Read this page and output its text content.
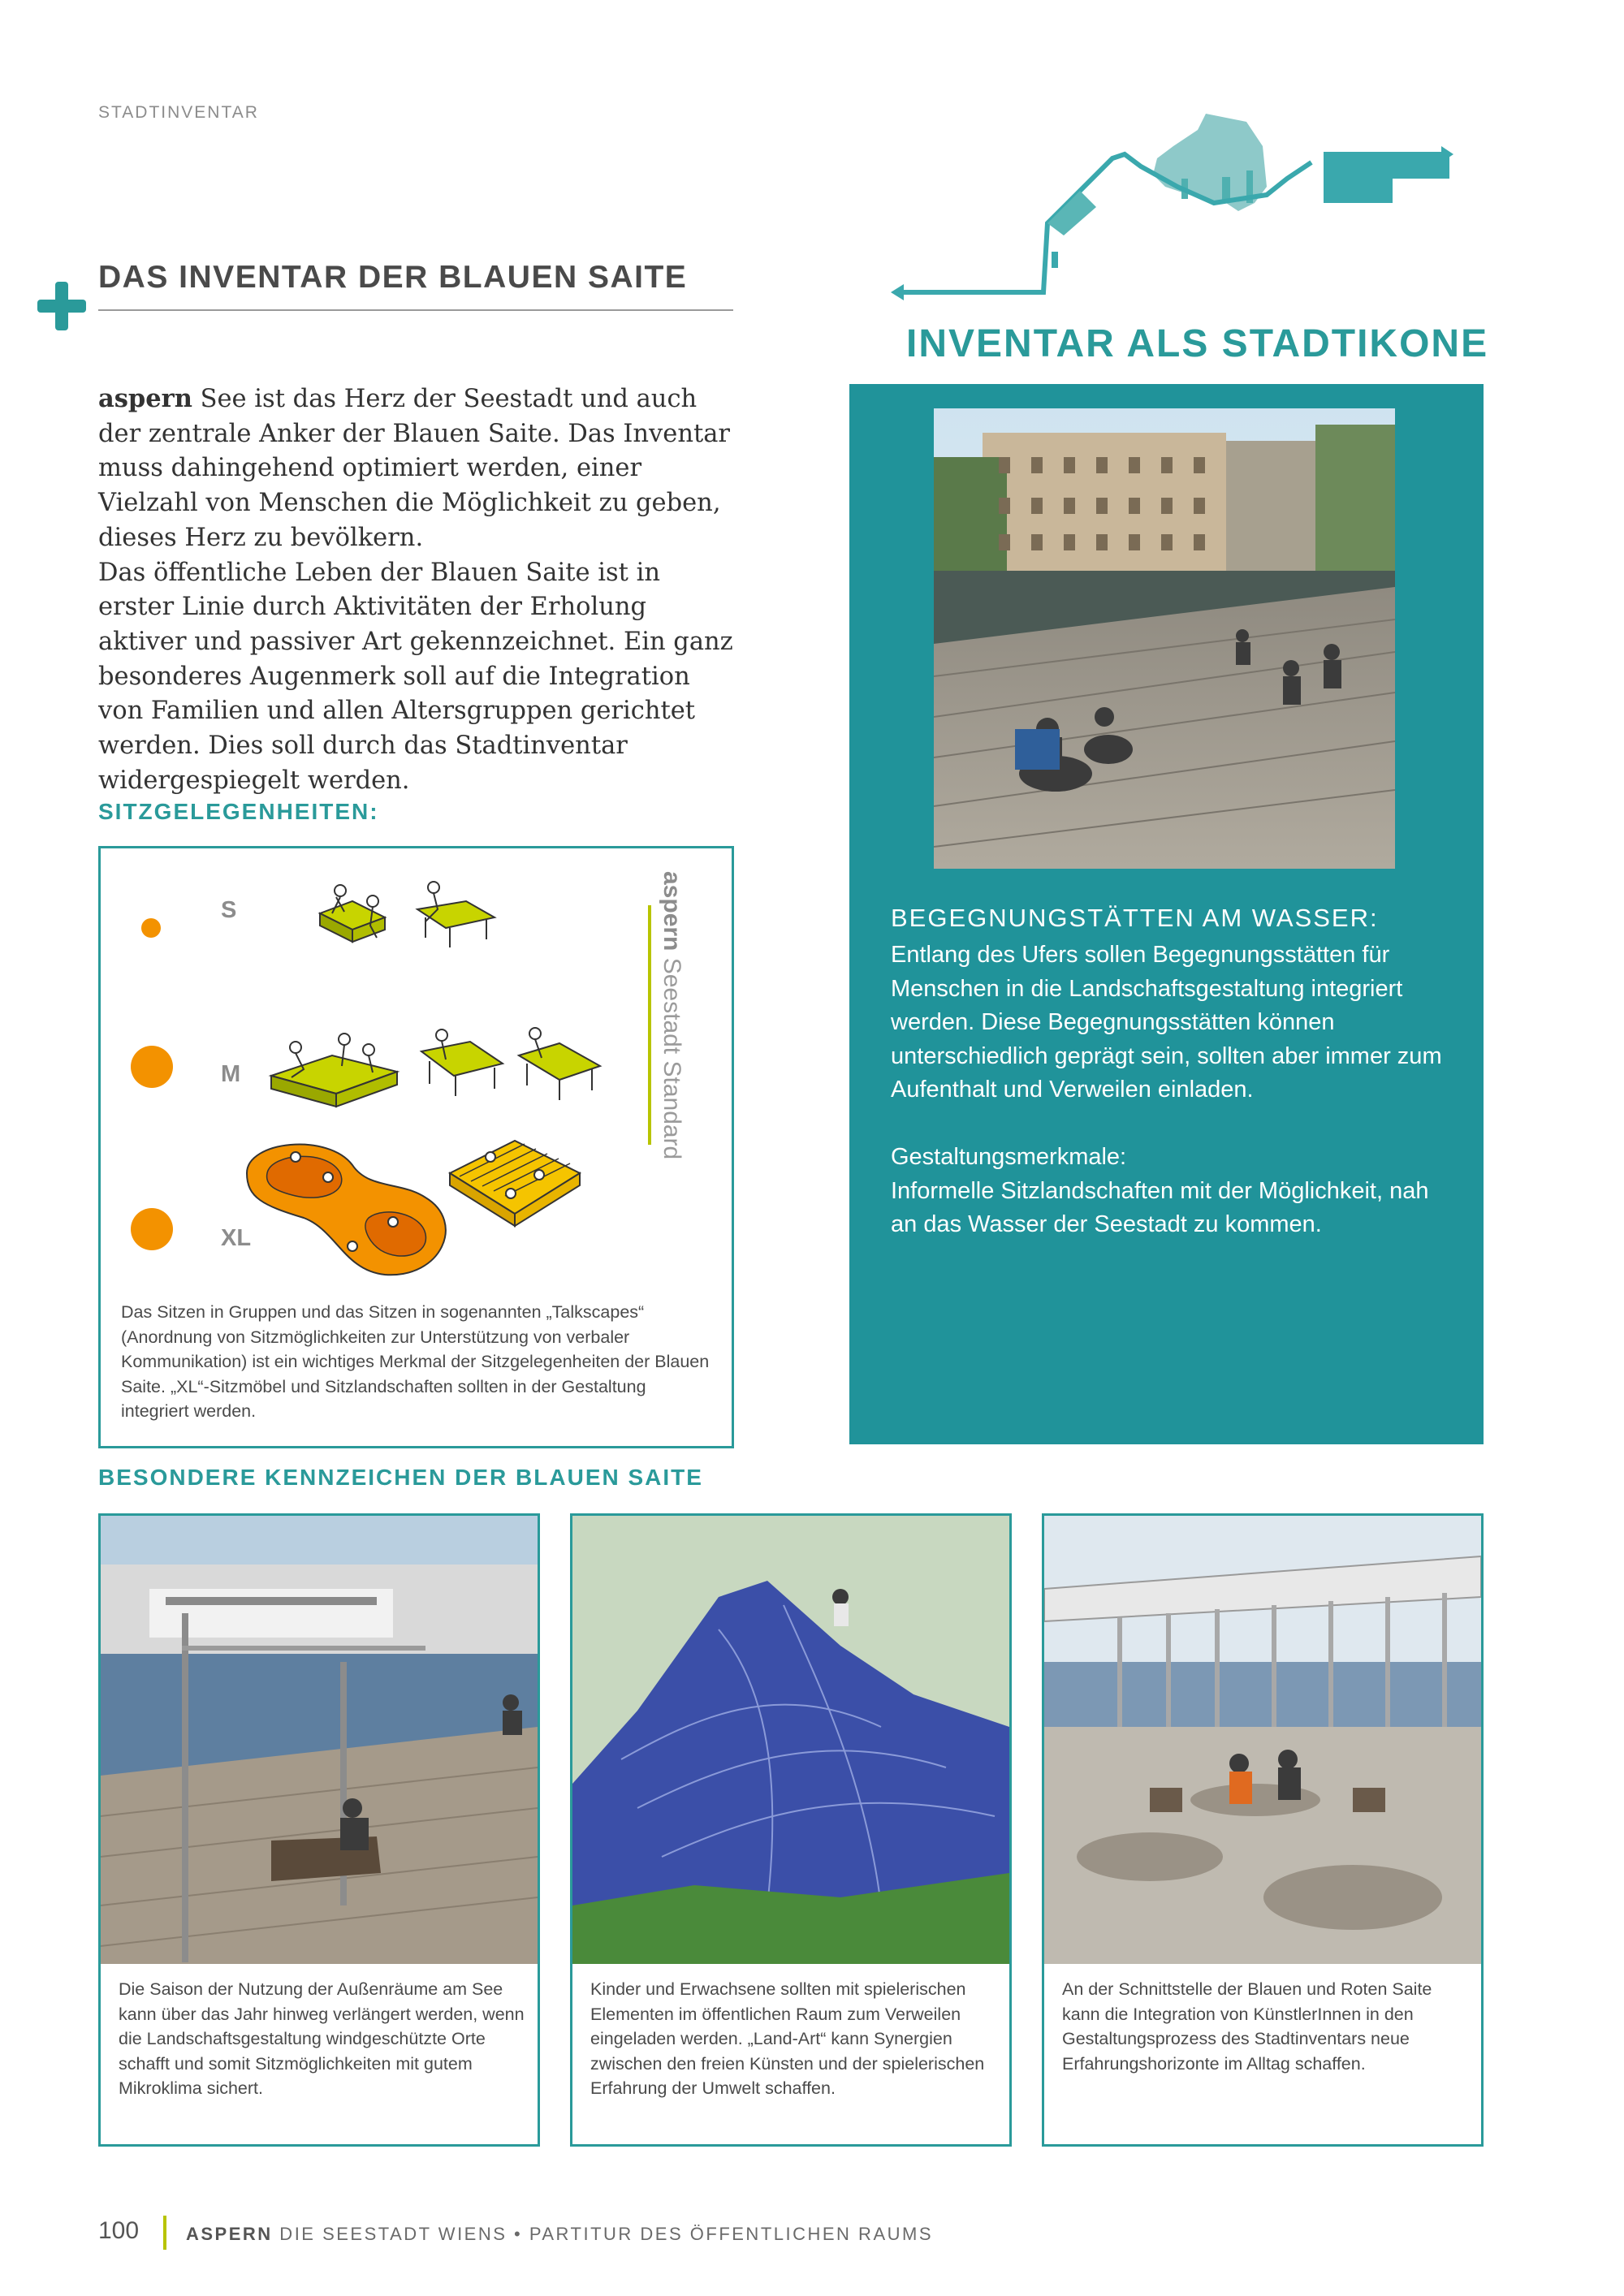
STADTINVENTAR
DAS INVENTAR DER BLAUEN SAITE

aspern See ist das Herz der Seestadt und auch der zentrale Anker der Blauen Saite. Das Inventar muss dahingehend optimiert werden, einer Vielzahl von Menschen die Möglichkeit zu geben, dieses Herz zu bevölkern.

Das öffentliche Leben der Blauen Saite ist in erster Linie durch Aktivitäten der Erholung aktiver und passiver Art gekennzeichnet. Ein ganz besonderes Augenmerk soll auf die Integration von Familien und allen Altersgruppen gerichtet werden. Dies soll durch das Stadtinventar widergespiegelt werden.

SITZGELEGENHEITEN:
S
M
XL
aspern Seestadt Standard
Das Sitzen in Gruppen und das Sitzen in sogenannten „Talkscapes“ (Anordnung von Sitzmöglichkeiten zur Unterstützung von verbaler Kommunikation) ist ein wichtiges Merkmal der Sitzgelegenheiten der Blauen Saite. „XL“-Sitzmöbel und Sitzlandschaften sollten in der Gestaltung integriert werden.
INVENTAR ALS STADTIKONE
BEGEGNUNGSTÄTTEN AM WASSER:
Entlang des Ufers sollen Begegnungsstätten für Menschen in die Landschaftsgestaltung integriert werden. Diese Begegnungsstätten können unterschiedlich geprägt sein, sollten aber immer zum Aufenthalt und Verweilen einladen.
Gestaltungsmerkmale:
Informelle Sitzlandschaften mit der Möglichkeit, nah an das Wasser der Seestadt zu kommen.
BESONDERE KENNZEICHEN DER BLAUEN SAITE
Die Saison der Nutzung der Außenräume am See kann über das Jahr hinweg verlängert werden, wenn die Landschaftsgestaltung windgeschützte Orte schafft und somit Sitzmöglichkeiten mit gutem Mikroklima sichert.
Kinder und Erwachsene sollten mit spielerischen Elementen im öffentlichen Raum zum Verweilen eingeladen werden. „Land-Art“ kann Synergien zwischen den freien Künsten und der spielerischen Erfahrung der Umwelt schaffen.
An der Schnittstelle der Blauen und Roten Saite kann die Integration von KünstlerInnen in den Gestaltungsprozess des Stadtinventars neue Erfahrungshorizonte im Alltag schaffen.
100	ASPERN DIE SEESTADT WIENS • PARTITUR DES ÖFFENTLICHEN RAUMS
